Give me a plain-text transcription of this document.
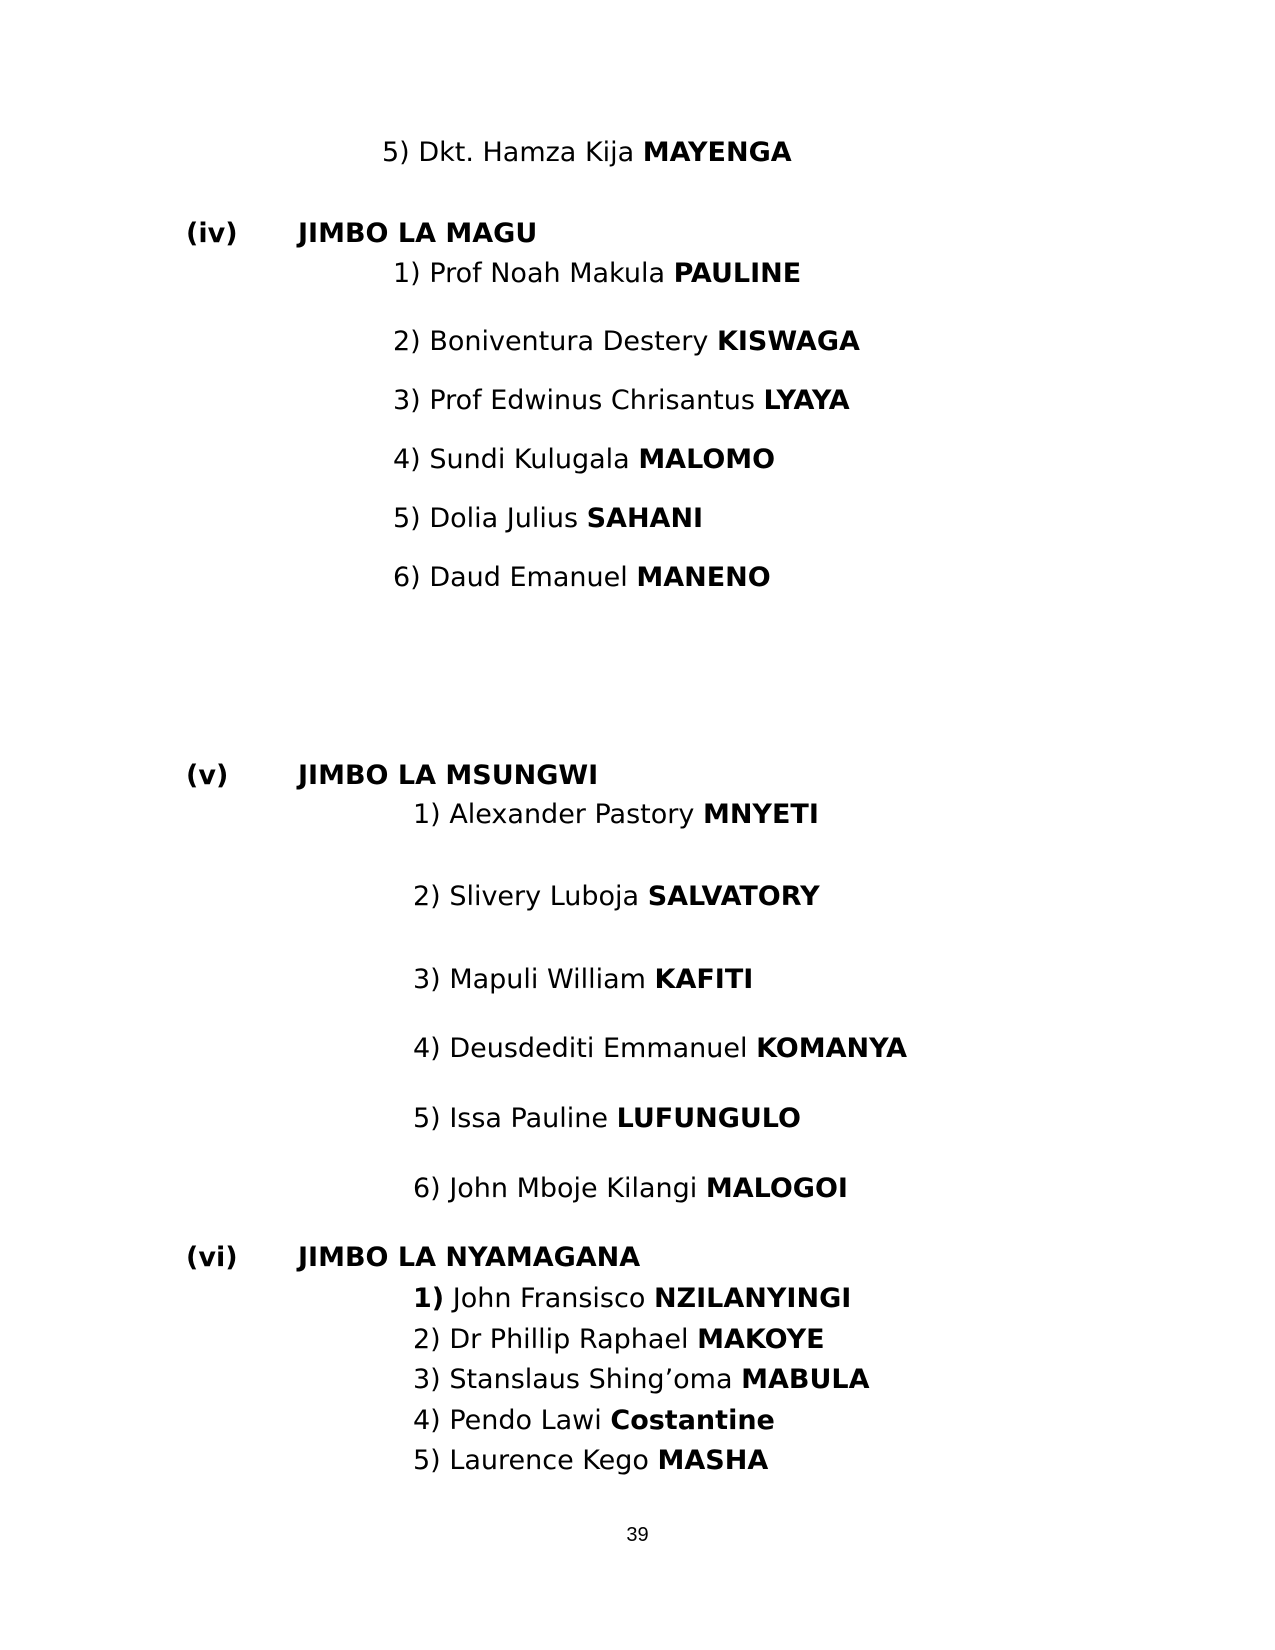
5) Dkt. Hamza Kija MAYENGA
(iv) JIMBO LA MAGU
1) Prof Noah Makula PAULINE
2) Boniventura Destery KISWAGA
3) Prof Edwinus Chrisantus LYAYA
4) Sundi Kulugala MALOMO
5) Dolia Julius SAHANI
6) Daud Emanuel MANENO
(v)	JIMBO LA MSUNGWI
1) Alexander Pastory MNYETI
2) Slivery Luboja SALVATORY
3) Mapuli William KAFITI
4) Deusdediti Emmanuel KOMANYA
5) Issa Pauline LUFUNGULO
6) John Mboje Kilangi MALOGOI
(vi) JIMBO LA NYAMAGANA
1) John Fransisco NZILANYINGI
2) Dr Phillip Raphael MAKOYE
3) Stanslaus Shing’oma MABULA
4) Pendo Lawi Costantine
5) Laurence Kego MASHA
39
